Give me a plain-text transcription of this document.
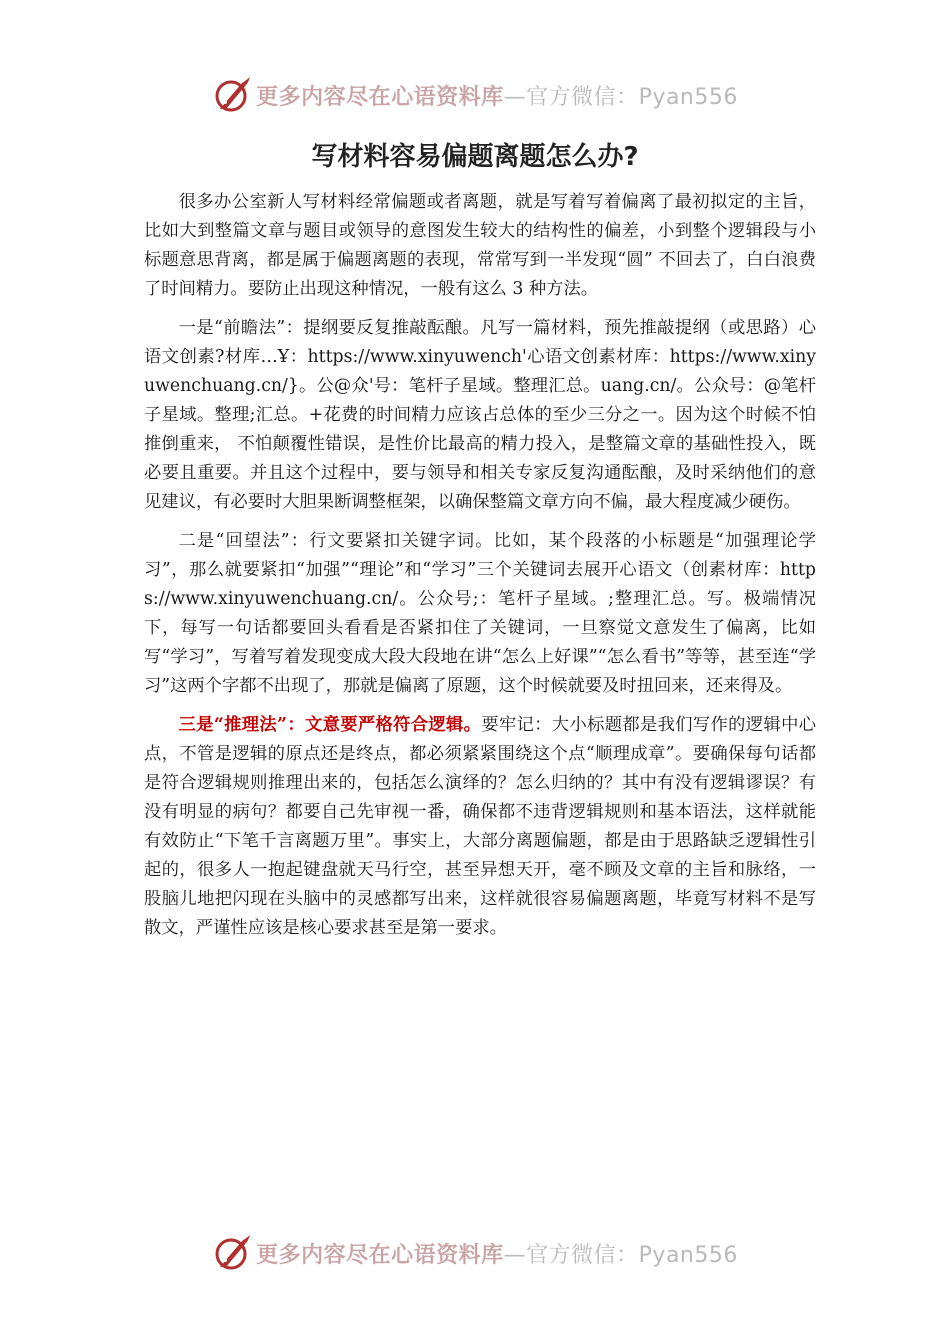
更多内容尽在心语资料库—官方微信：Pyan556
写材料容易偏题离题怎么办?

很多办公室新人写材料经常偏题或者离题，就是写着写着偏离了最初拟定的主旨，比如大到整篇文章与题目或领导的意图发生较大的结构性的偏差，小到整个逻辑段与小标题意思背离，都是属于偏题离题的表现，常常写到一半发现“圆” 不回去了，白白浪费了时间精力。要防止出现这种情况，一般有这么 3 种方法。

一是“前瞻法”：提纲要反复推敲酝酿。凡写一篇材料，预先推敲提纲（或思路）心语文创素?材库…Ұ：https://www.xinyuwench'心语文创素材库：https://www.xinyuwenchuang.cn/}。公@众'号：笔杆子星域。整理汇总。uang.cn/。公众号：@笔杆子星域。整理;汇总。+花费的时间精力应该占总体的至少三分之一。因为这个时候不怕推倒重来， 不怕颠覆性错误，是性价比最高的精力投入，是整篇文章的基础性投入，既必要且重要。并且这个过程中，要与领导和相关专家反复沟通酝酿，及时采纳他们的意见建议，有必要时大胆果断调整框架，以确保整篇文章方向不偏，最大程度减少硬伤。

二是“回望法”：行文要紧扣关键字词。比如，某个段落的小标题是“加强理论学习”，那么就要紧扣“加强”“理论”和“学习”三个关键词去展开心语文（创素材库：https://www.xinyuwenchuang.cn/。公众号;：笔杆子星域。;整理汇总。写。极端情况下，每写一句话都要回头看看是否紧扣住了关键词，一旦察觉文意发生了偏离，比如写“学习”，写着写着发现变成大段大段地在讲“怎么上好课”“怎么看书”等等，甚至连“学习”这两个字都不出现了，那就是偏离了原题，这个时候就要及时扭回来，还来得及。

三是“推理法”：文意要严格符合逻辑。要牢记：大小标题都是我们写作的逻辑中心点，不管是逻辑的原点还是终点，都必须紧紧围绕这个点“顺理成章”。要确保每句话都是符合逻辑规则推理出来的，包括怎么演绎的？怎么归纳的？其中有没有逻辑谬误？有没有明显的病句？都要自己先审视一番，确保都不违背逻辑规则和基本语法，这样就能有效防止“下笔千言离题万里”。事实上，大部分离题偏题，都是由于思路缺乏逻辑性引起的，很多人一抱起键盘就天马行空，甚至异想天开，毫不顾及文章的主旨和脉络，一股脑儿地把闪现在头脑中的灵感都写出来，这样就很容易偏题离题，毕竟写材料不是写散文，严谨性应该是核心要求甚至是第一要求。

更多内容尽在心语资料库—官方微信：Pyan556
